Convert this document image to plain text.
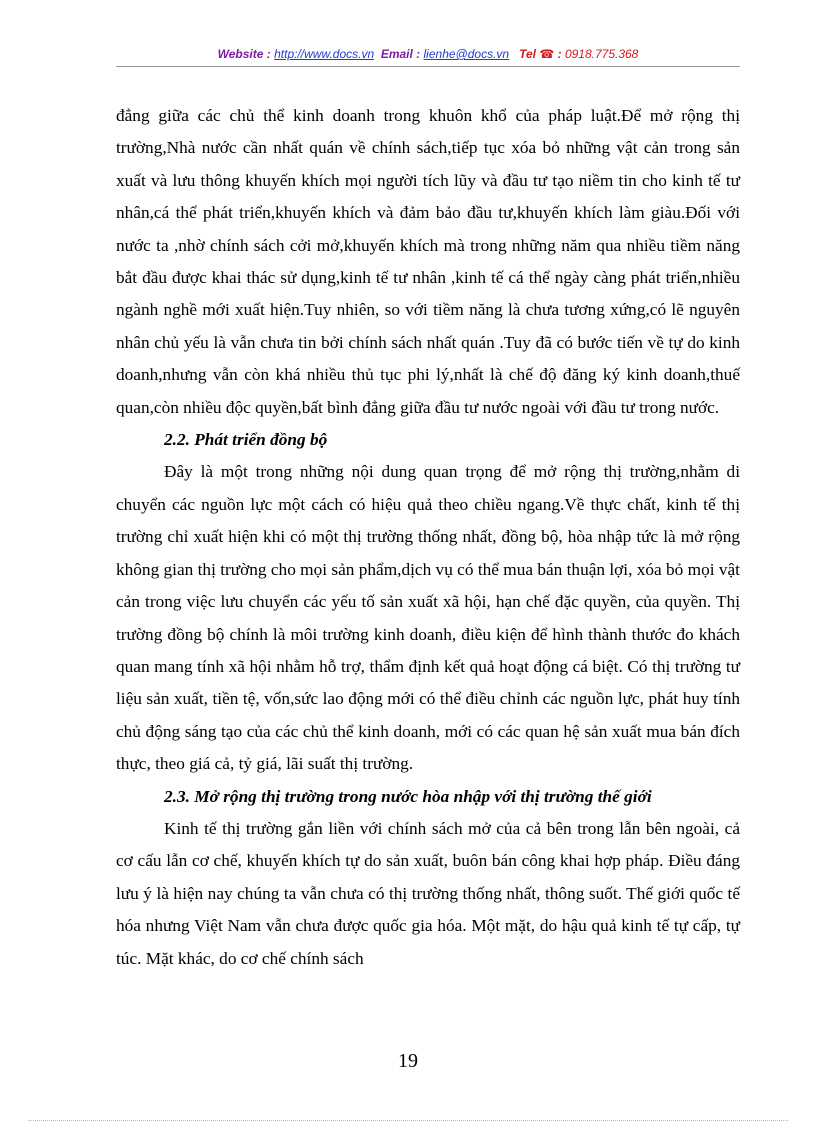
Website : http://www.docs.vn Email : lienhe@docs.vn Tel ☎ : 0918.775.368

đẳng giữa các chủ thể kinh doanh trong khuôn khổ của pháp luật.Để mở rộng thị trường,Nhà nước cần nhất quán về chính sách,tiếp tục xóa bỏ những vật cản trong sản xuất và lưu thông khuyến khích mọi người tích lũy và đầu tư tạo niềm tin cho kinh tế tư nhân,cá thể phát triển,khuyến khích và đảm bảo đầu tư,khuyến khích làm giàu.Đối với nước ta ,nhờ chính sách cởi mở,khuyến khích mà trong những năm qua nhiều tiềm năng bắt đầu được khai thác sử dụng,kinh tế tư nhân ,kinh tế cá thể ngày càng phát triển,nhiều ngành nghề mới xuất hiện.Tuy nhiên, so với tiềm năng là chưa tương xứng,có lẽ nguyên nhân chủ yếu là vẫn chưa tin bởi chính sách nhất quán .Tuy đã có bước tiến về tự do kinh doanh,nhưng vẫn còn khá nhiều thủ tục phi lý,nhất là chế độ đăng ký kinh doanh,thuế quan,còn nhiều độc quyền,bất bình đẳng giữa đầu tư nước ngoài với đầu tư trong nước.

2.2. Phát triển đồng bộ

Đây là một trong những nội dung quan trọng để mở rộng thị trường,nhằm di chuyển các nguồn lực một cách có hiệu quả theo chiều ngang.Về thực chất, kinh tế thị trường chỉ xuất hiện khi có một thị trường thống nhất, đồng bộ, hòa nhập tức là mở rộng không gian thị trường cho mọi sản phẩm,dịch vụ có thể mua bán thuận lợi, xóa bỏ mọi vật cản trong việc lưu chuyển các yếu tố sản xuất xã hội, hạn chế đặc quyền, của quyền. Thị trường đồng bộ chính là môi trường kinh doanh, điều kiện để hình thành thước đo khách quan mang tính xã hội nhằm hỗ trợ, thẩm định kết quả hoạt động cá biệt. Có thị trường tư liệu sản xuất, tiền tệ, vốn,sức lao động mới có thể điều chỉnh các nguồn lực, phát huy tính chủ động sáng tạo của các chủ thể kinh doanh, mới có các quan hệ sản xuất mua bán đích thực, theo giá cả, tỷ giá, lãi suất thị trường.

2.3. Mở rộng thị trường trong nước hòa nhập với thị trường thế giới

Kinh tế thị trường gắn liền với chính sách mở của cả bên trong lẫn bên ngoài, cả cơ cấu lẫn cơ chế, khuyến khích tự do sản xuất, buôn bán công khai hợp pháp. Điều đáng lưu ý là hiện nay chúng ta vẫn chưa có thị trường thống nhất, thông suốt. Thế giới quốc tế hóa nhưng Việt Nam vẫn chưa được quốc gia hóa. Một mặt, do hậu quả kinh tế tự cấp, tự túc. Mặt khác, do cơ chế chính sách

19
